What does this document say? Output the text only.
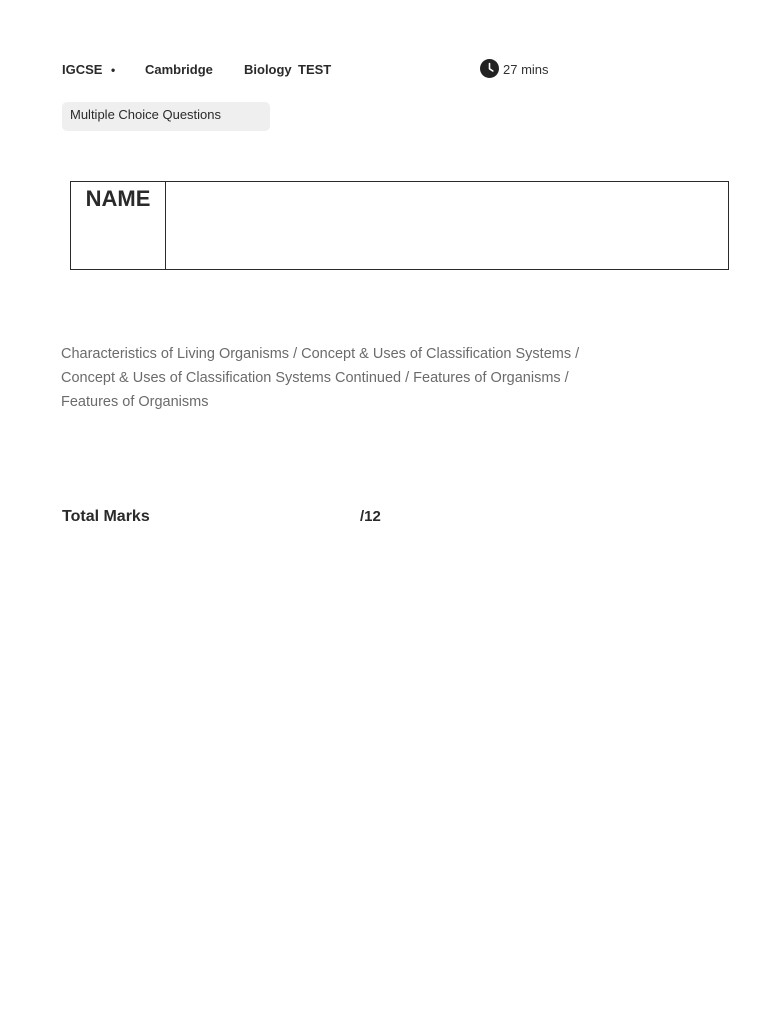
IGCSE • Cambridge Biology TEST	27 mins
Multiple Choice Questions
NAME
Characteristics of Living Organisms / Concept & Uses of Classification Systems / Concept & Uses of Classification Systems Continued / Features of Organisms / Features of Organisms
Total Marks	/12
